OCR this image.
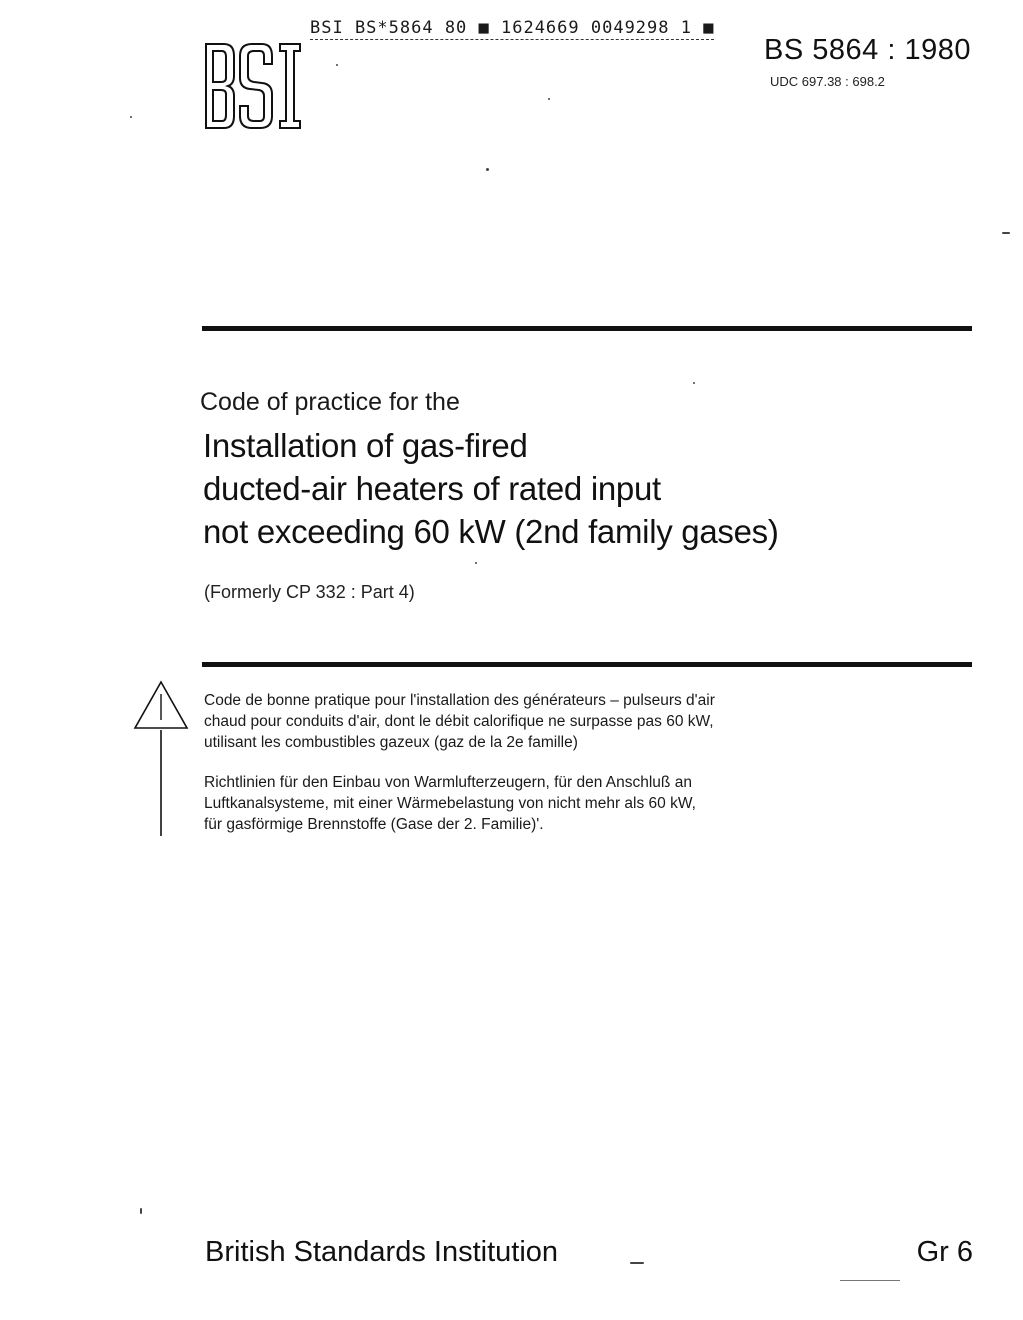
BSI BS*5864 80 ■ 1624669 0049298 1 ■
BS 5864 : 1980
UDC 697.38 : 698.2
Code of practice for the
Installation of gas-fired
ducted-air heaters of rated input
not exceeding 60 kW (2nd family gases)
(Formerly CP 332 : Part 4)
Code de bonne pratique pour l'installation des générateurs – pulseurs d'air
chaud pour conduits d'air, dont le débit calorifique ne surpasse pas 60 kW,
utilisant les combustibles gazeux (gaz de la 2e famille)
Richtlinien für den Einbau von Warmlufterzeugern, für den Anschluß an
Luftkanalsysteme, mit einer Wärmebelastung von nicht mehr als 60 kW,
für gasförmige Brennstoffe (Gase der 2. Familie)'.
British Standards Institution	Gr 6
